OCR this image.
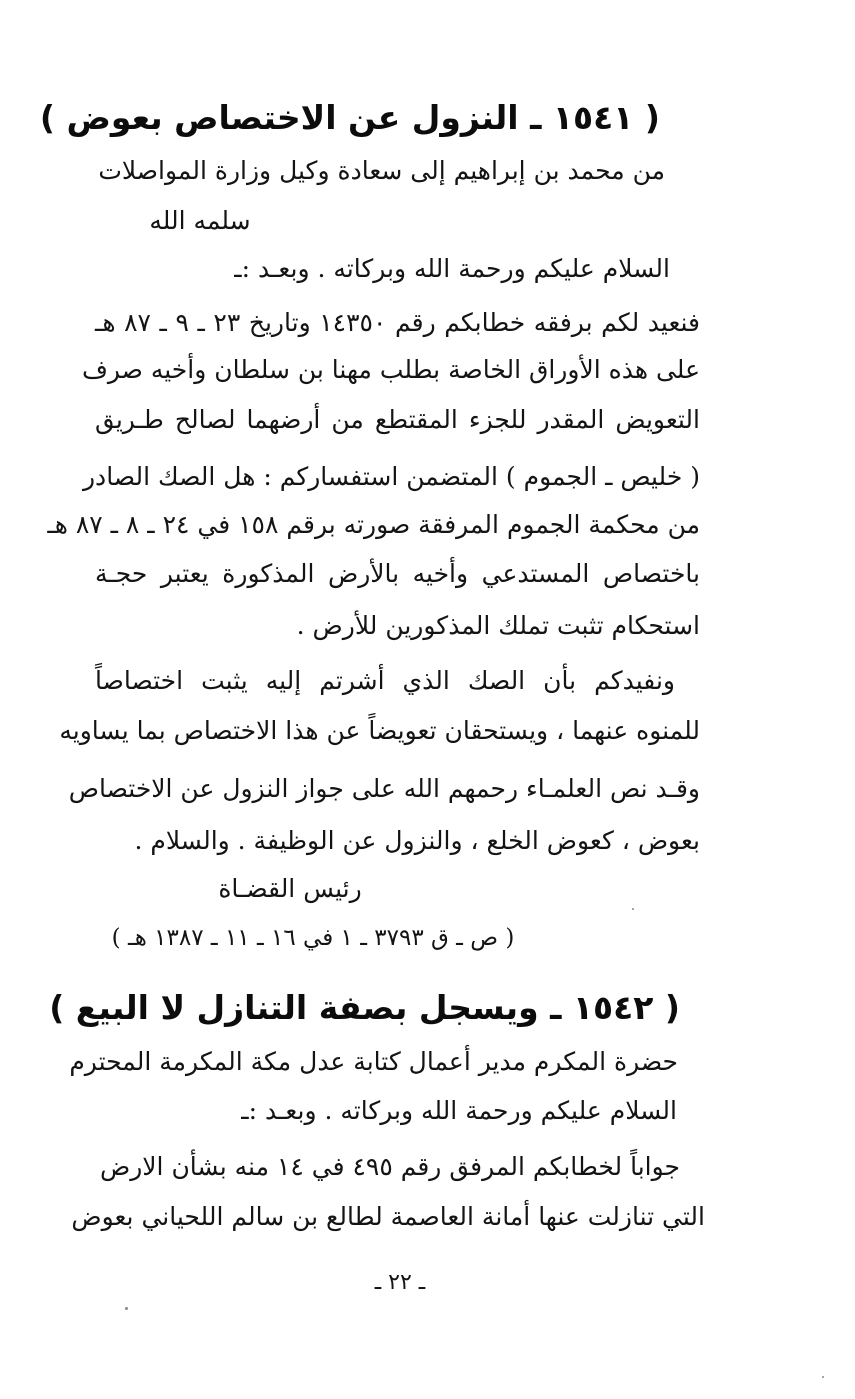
( ١٥٤١ ـ النزول عن الاختصاص بعوض )
من محمد بن إبراهيم إلى سعادة وكيل وزارة المواصلات
سلمه الله
السلام عليكم ورحمة الله وبركاته . وبعـد :ـ
فنعيد لكم برفقه خطابكم رقم ١٤٣٥٠ وتاريخ ٢٣ ـ ٩ ـ ٨٧ هـ
على هذه الأوراق الخاصة بطلب مهنا بن سلطان وأخيه صرف
التعويض المقدر للجزء المقتطع من أرضهما لصالح طـريق
( خليص ـ الجموم ) المتضمن استفساركم : هل الصك الصادر
من محكمة الجموم المرفقة صورته برقم ١٥٨ في ٢٤ ـ ٨ ـ ٨٧ هـ
باختصاص المستدعي وأخيه بالأرض المذكورة يعتبر حجـة
استحكام تثبت تملك المذكورين للأرض .
ونفيدكم بأن الصك الذي أشرتم إليه يثبت اختصاصاً
للمنوه عنهما ، ويستحقان تعويضاً عن هذا الاختصاص بما يساويه
وقـد نص العلمـاء رحمهم الله على جواز النزول عن الاختصاص
بعوض ، كعوض الخلع ، والنزول عن الوظيفة . والسلام .
رئيس القضـاة
( ص ـ ق ٣٧٩٣ ـ ١ في ١٦ ـ ١١ ـ ١٣٨٧ هـ )
( ١٥٤٢ ـ ويسجل بصفة التنازل لا البيع )
حضرة المكرم مدير أعمال كتابة عدل مكة المكرمة المحترم
السلام عليكم ورحمة الله وبركاته . وبعـد :ـ
جواباً لخطابكم المرفق رقم ٤٩٥ في ١٤ منه بشأن الارض
التي تنازلت عنها أمانة العاصمة لطالع بن سالم اللحياني بعوض
ـ ٢٢ ـ
